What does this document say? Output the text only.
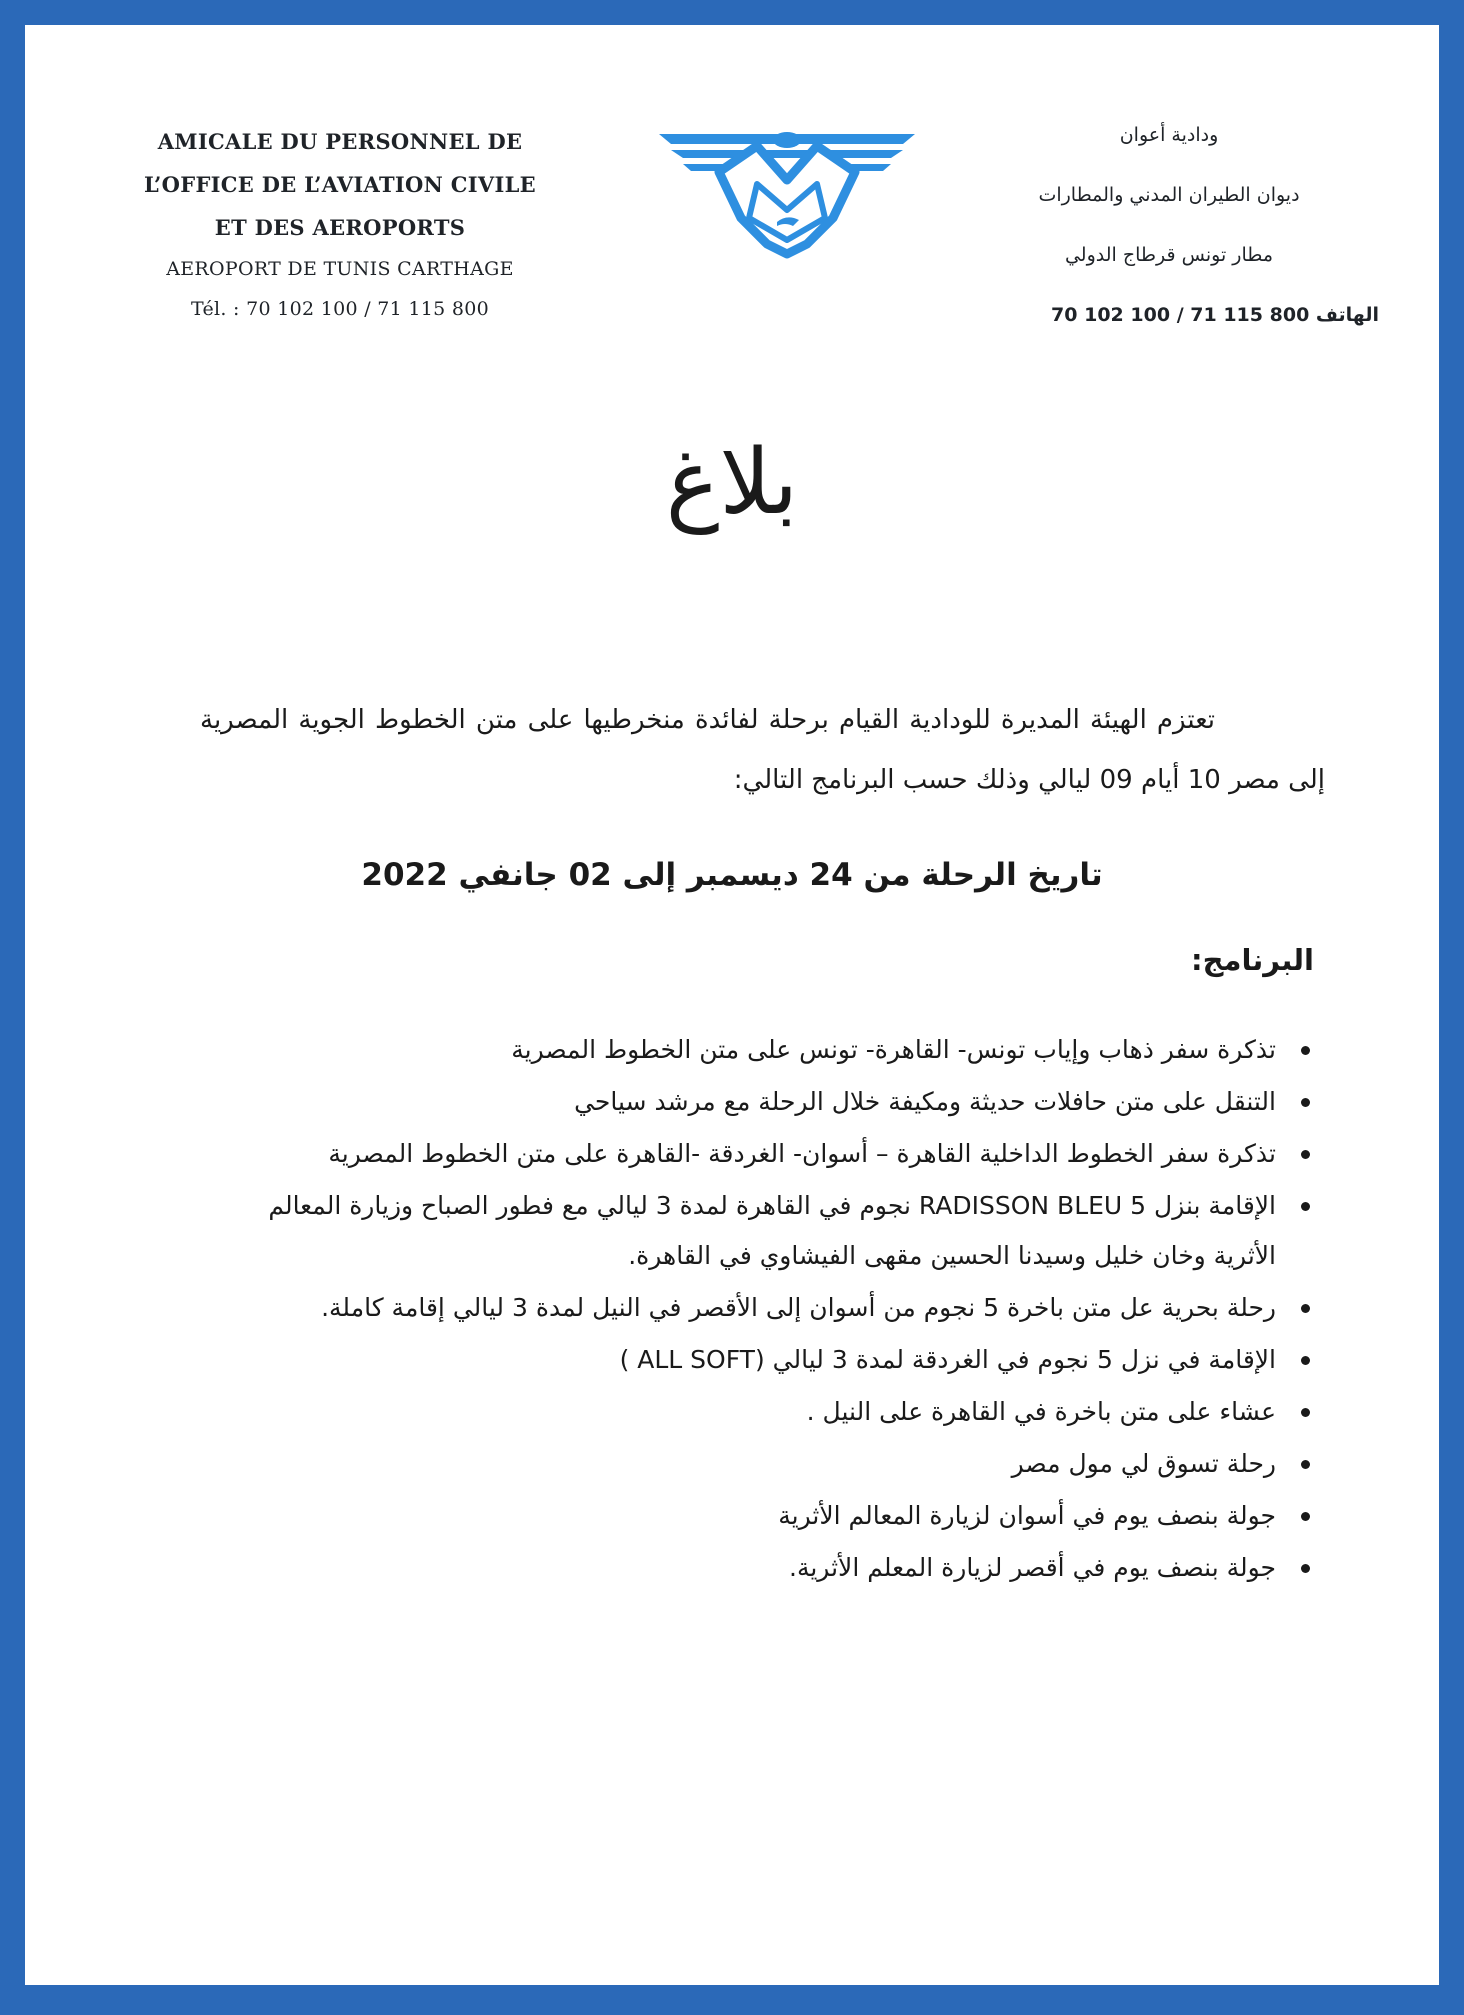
AMICALE DU PERSONNEL DE
L’OFFICE DE L’AVIATION CIVILE
ET DES AEROPORTS
AEROPORT DE TUNIS CARTHAGE
Tél. : 70 102 100 / 71 115 800
ودادية أعوان
ديوان الطيران المدني والمطارات
مطار تونس قرطاج الدولي
الهاتف 800 115 71 / 100 102 70
بلاغ
تعتزم الهيئة المديرة للودادية القيام برحلة لفائدة منخرطيها على متن الخطوط الجوية المصرية إلى مصر 10 أيام 09 ليالي وذلك حسب البرنامج التالي:
تاريخ الرحلة من 24 ديسمبر إلى 02 جانفي 2022
البرنامج:
تذكرة سفر ذهاب وإياب تونس- القاهرة- تونس على متن الخطوط المصرية
التنقل على متن حافلات حديثة ومكيفة خلال الرحلة مع مرشد سياحي
تذكرة سفر الخطوط الداخلية القاهرة – أسوان- الغردقة -القاهرة على متن الخطوط المصرية
الإقامة بنزل RADISSON BLEU 5 نجوم في القاهرة لمدة 3 ليالي مع فطور الصباح وزيارة المعالم الأثرية وخان خليل وسيدنا الحسين مقهى الفيشاوي في القاهرة.
رحلة بحرية عل متن باخرة 5 نجوم من أسوان إلى الأقصر في النيل لمدة 3 ليالي إقامة كاملة.
الإقامة في نزل 5 نجوم في الغردقة لمدة 3 ليالي (ALL SOFT )
عشاء على متن باخرة في القاهرة على النيل .
رحلة تسوق لي مول مصر
جولة بنصف يوم في أسوان لزيارة المعالم الأثرية
جولة بنصف يوم في أقصر لزيارة المعلم الأثرية.
